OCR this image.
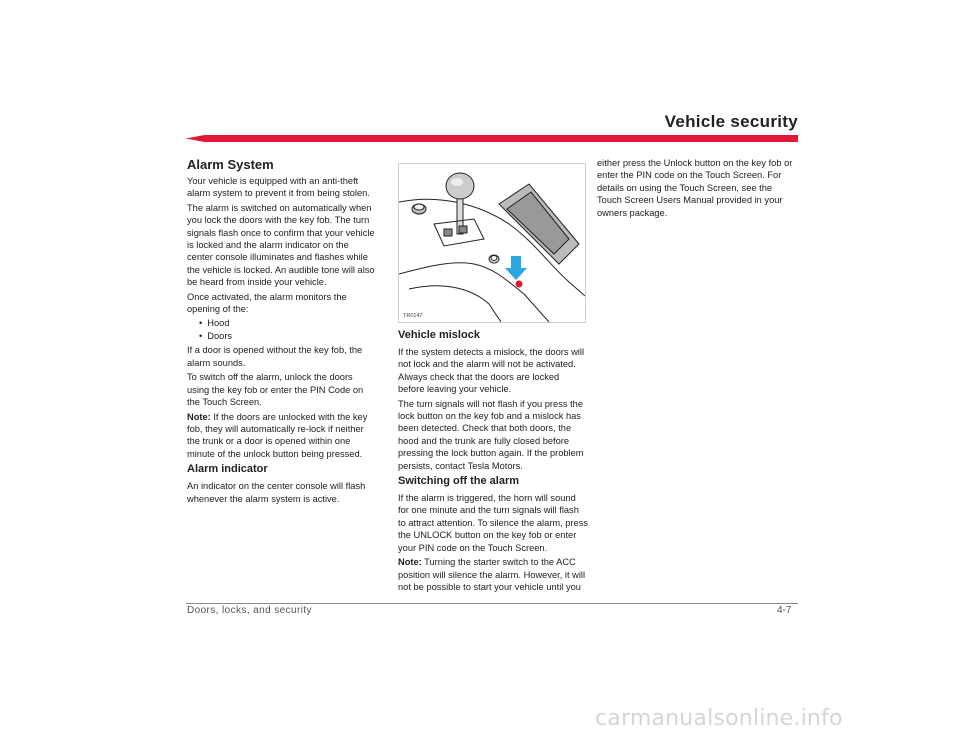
Vehicle security
Alarm System

Your vehicle is equipped with an anti-theft alarm system to prevent it from being stolen.

The alarm is switched on automatically when you lock the doors with the key fob. The turn signals flash once to confirm that your vehicle is locked and the alarm indicator on the center console illuminates and flashes while the vehicle is locked. An audible tone will also be heard from inside your vehicle.

Once activated, the alarm monitors the opening of the:

• Hood
• Doors

If a door is opened without the key fob, the alarm sounds.

To switch off the alarm, unlock the doors using the key fob or enter the PIN Code on the Touch Screen.

Note: If the doors are unlocked with the key fob, they will automatically re-lock if neither the trunk or a door is opened within one minute of the unlock button being pressed.

Alarm indicator

An indicator on the center console will flash whenever the alarm system is active.

TR0147
Vehicle mislock

If the system detects a mislock, the doors will not lock and the alarm will not be activated. Always check that the doors are locked before leaving your vehicle.

The turn signals will not flash if you press the lock button on the key fob and a mislock has been detected. Check that both doors, the hood and the trunk are fully closed before pressing the lock button again. If the problem persists, contact Tesla Motors.

Switching off the alarm

If the alarm is triggered, the horn will sound for one minute and the turn signals will flash to attract attention. To silence the alarm, press the UNLOCK button on the key fob or enter your PIN code on the Touch Screen.

Note: Turning the starter switch to the ACC position will silence the alarm. However, it will not be possible to start your vehicle until you

either press the Unlock button on the key fob or enter the PIN code on the Touch Screen. For details on using the Touch Screen, see the Touch Screen Users Manual provided in your owners package.

Doors, locks, and security	4-7
carmanualsonline.info
